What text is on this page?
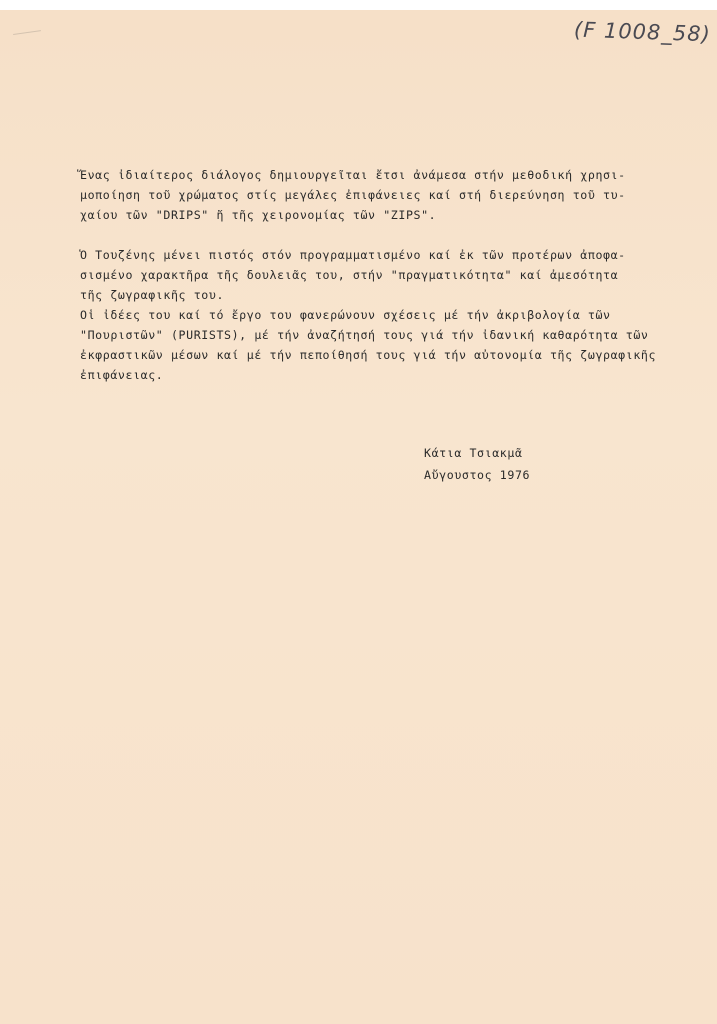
(F 1008_58)

Ἕνας ἰδιαίτερος διάλογος δημιουργεῖται ἔτσι ἀνάμεσα στήν μεθοδική χρησι-
μοποίηση τοῦ χρώματος στίς μεγάλες ἐπιφάνειες καί στή διερεύνηση τοῦ τυ-
χαίου τῶν "DRIPS" ἤ τῆς χειρονομίας τῶν "ZIPS".

Ὁ Τουζένης μένει πιστός στόν προγραμματισμένο καί ἐκ τῶν προτέρων ἀποφα-
σισμένο χαρακτῆρα τῆς δουλειᾶς του, στήν "πραγματικότητα" καί ἀμεσότητα
τῆς ζωγραφικῆς του.

Οἱ ἰδέες του καί τό ἔργο του φανερώνουν σχέσεις μέ τήν ἀκριβολογία τῶν
"Πουριστῶν" (PURISTS), μέ τήν ἀναζήτησή τους γιά τήν ἰδανική καθαρότητα τῶν
ἐκφραστικῶν μέσων καί μέ τήν πεποίθησή τους γιά τήν αὐτονομία τῆς ζωγραφικῆς
ἐπιφάνειας.

Κάτια Τσιακμᾶ
Αὔγουστος 1976
